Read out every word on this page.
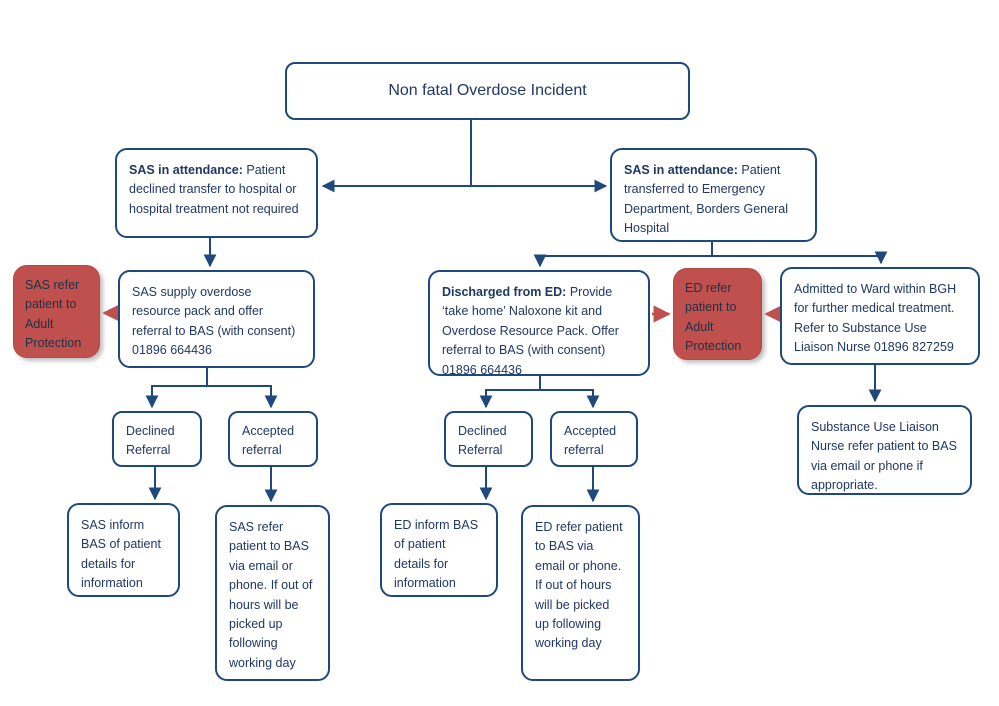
Non fatal Overdose Incident
SAS in attendance: Patient declined transfer to hospital or hospital treatment not required
SAS in attendance: Patient transferred to Emergency Department, Borders General Hospital
SAS refer patient to Adult Protection
SAS supply overdose resource pack and offer referral to BAS (with consent) 01896 664436
Discharged from ED: Provide ‘take home’ Naloxone kit and Overdose Resource Pack. Offer referral to BAS (with consent) 01896 664436
ED refer patient to Adult Protection
Admitted to Ward within BGH for further medical treatment. Refer to Substance Use Liaison Nurse 01896 827259
Substance Use Liaison Nurse refer patient to BAS via email or phone if appropriate.
Declined Referral
Accepted referral
Declined Referral
Accepted referral
SAS inform BAS of patient details for information
SAS refer patient to BAS via email or phone. If out of hours will be picked up following working day
ED inform BAS of patient details for information
ED refer patient to BAS via email or phone. If out of hours will be picked up following working day
